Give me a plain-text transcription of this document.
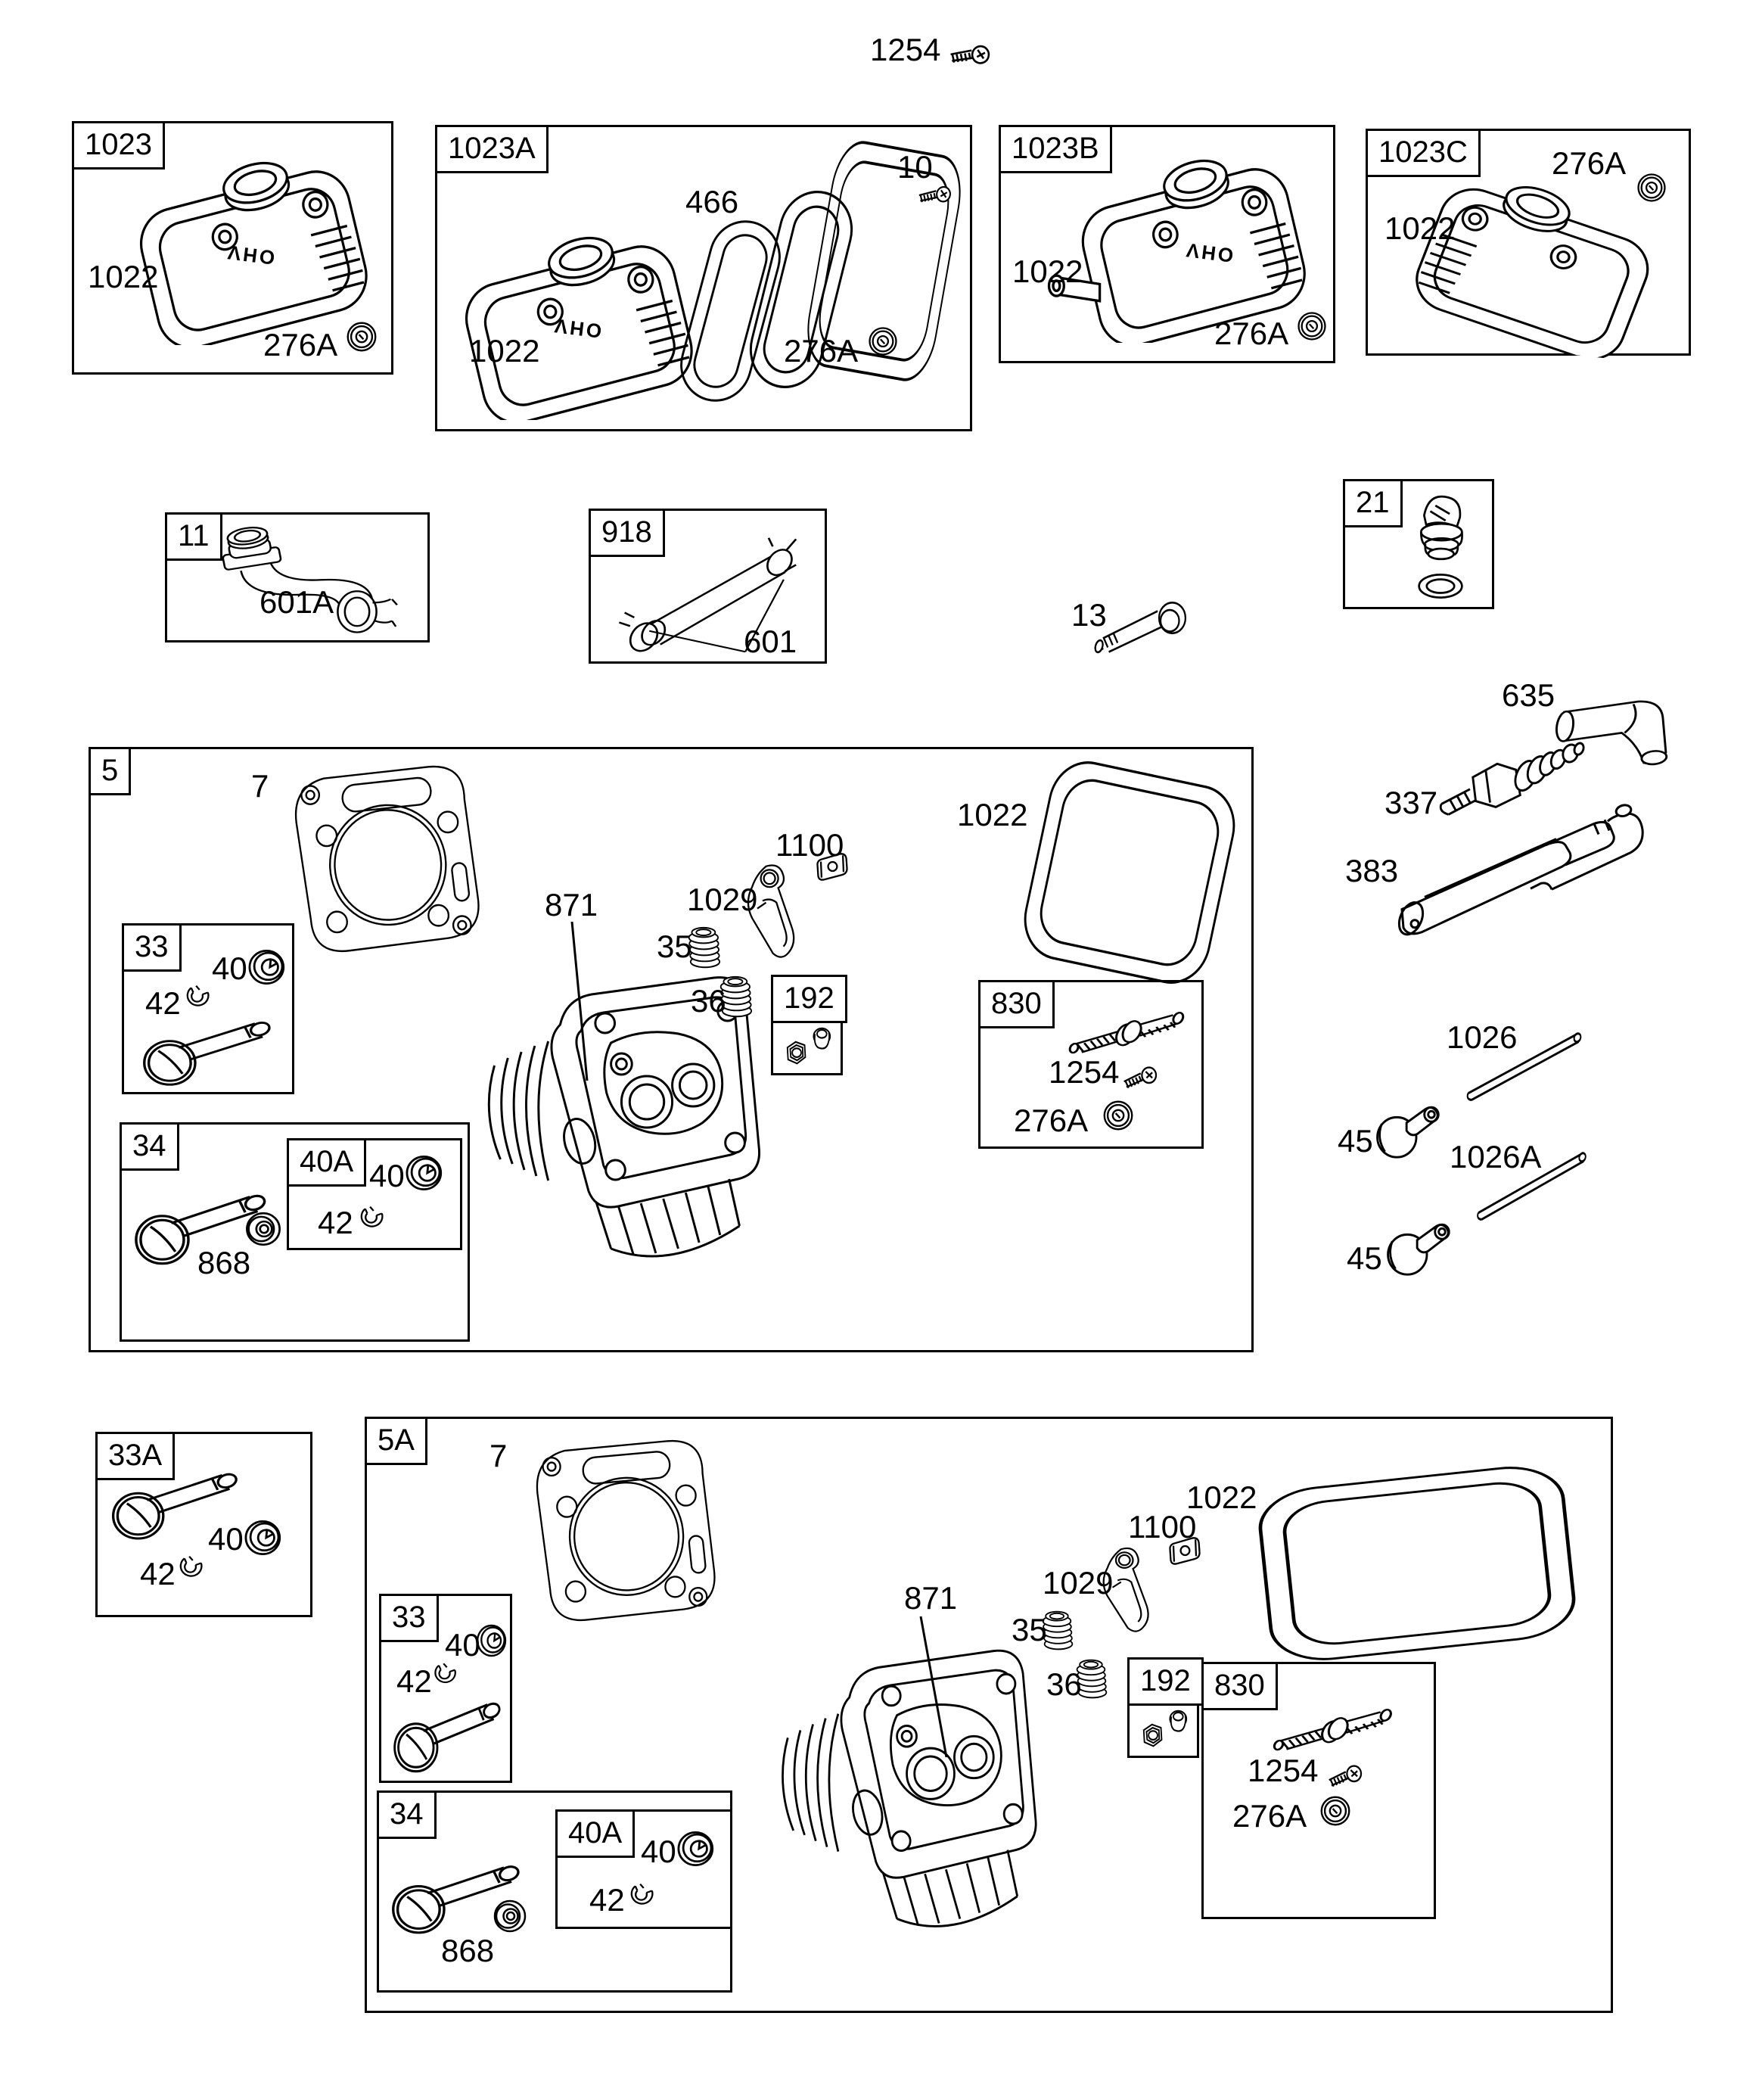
1254
1023
OHV
1022
276A
1023A
OHV
466
10
1022	276A
1023B
OHV
1022
276A
1023C	276A
1022
11
601A
918
601
13
21
635
337
383
5	7
33
40
42
34
868
40A 40
42
871
35
36
1029
1100
1022
192	830
1254
276A
1026
45 1026A
45
33A
40
42
5A	7
33
40
42
34
868
40A
40
42
871
35
36
1029
1100
1022
192 830
1254
276A
